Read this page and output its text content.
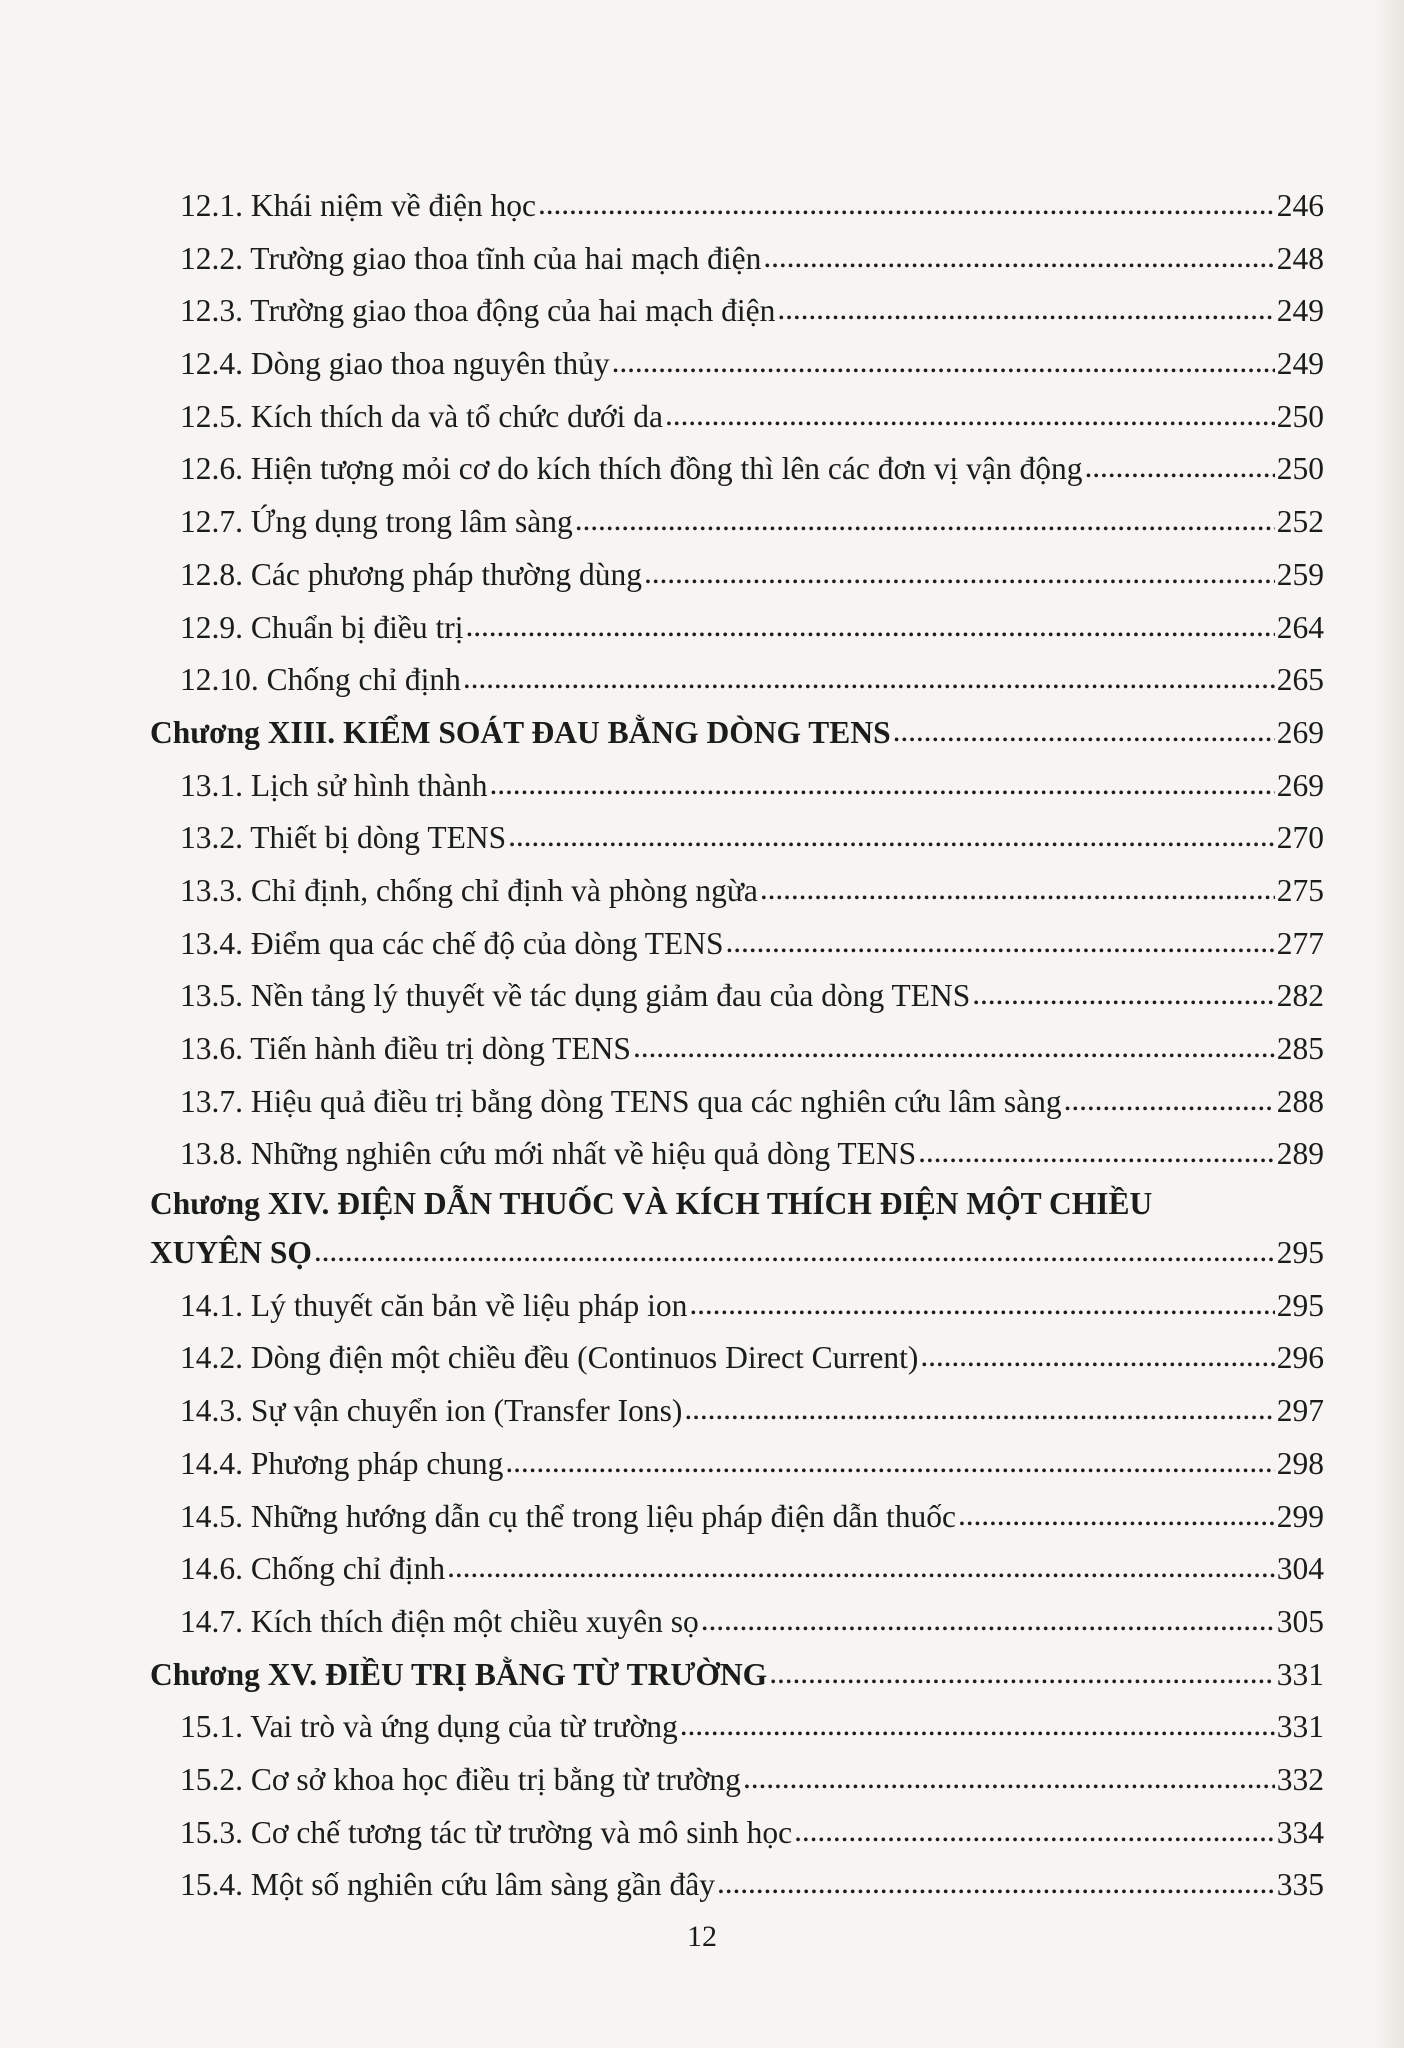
12.1. Khái niệm về điện học . . .	246
12.2. Trường giao thoa tĩnh của hai mạch điện . . .	248
12.3. Trường giao thoa động của hai mạch điện . . .	249
12.4. Dòng giao thoa nguyên thủy . . .	249
12.5. Kích thích da và tổ chức dưới da . . .	250
12.6. Hiện tượng mỏi cơ do kích thích đồng thì lên các đơn vị vận động . . .	250
12.7. Ứng dụng trong lâm sàng . . .	252
12.8. Các phương pháp thường dùng . . .	259
12.9. Chuẩn bị điều trị . . .	264
12.10. Chống chỉ định . . .	265
Chương XIII. KIỂM SOÁT ĐAU BẰNG DÒNG TENS . . .	269
13.1. Lịch sử hình thành . . .	269
13.2. Thiết bị dòng TENS . . .	270
13.3. Chỉ định, chống chỉ định và phòng ngừa . . .	275
13.4. Điểm qua các chế độ của dòng TENS . . .	277
13.5. Nền tảng lý thuyết về tác dụng giảm đau của dòng TENS . . .	282
13.6. Tiến hành điều trị dòng TENS . . .	285
13.7. Hiệu quả điều trị bằng dòng TENS qua các nghiên cứu lâm sàng . . .	288
13.8. Những nghiên cứu mới nhất về hiệu quả dòng TENS . . .	289
Chương XIV. ĐIỆN DẪN THUỐC VÀ KÍCH THÍCH ĐIỆN MỘT CHIỀU
XUYÊN SỌ . . .	295
14.1. Lý thuyết căn bản về liệu pháp ion . . .	295
14.2. Dòng điện một chiều đều (Continuos Direct Current) . . .	296
14.3. Sự vận chuyển ion (Transfer Ions) . . .	297
14.4. Phương pháp chung . . .	298
14.5. Những hướng dẫn cụ thể trong liệu pháp điện dẫn thuốc . . .	299
14.6. Chống chỉ định . . .	304
14.7. Kích thích điện một chiều xuyên sọ . . .	305
Chương XV. ĐIỀU TRỊ BẰNG TỪ TRƯỜNG . . .	331
15.1. Vai trò và ứng dụng của từ trường . . .	331
15.2. Cơ sở khoa học điều trị bằng từ trường . . .	332
15.3. Cơ chế tương tác từ trường và mô sinh học . . .	334
15.4. Một số nghiên cứu lâm sàng gần đây . . .	335
12
